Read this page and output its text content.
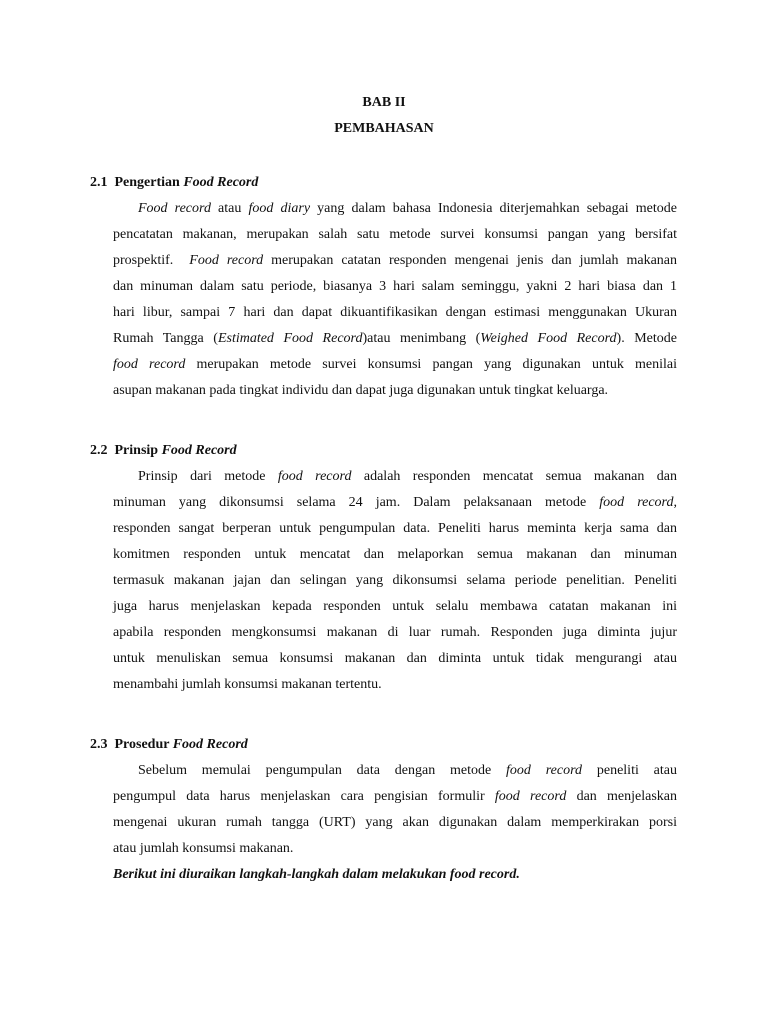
BAB II
PEMBAHASAN
2.1 Pengertian Food Record
Food record atau food diary yang dalam bahasa Indonesia diterjemahkan sebagai metode
pencatatan makanan, merupakan salah satu metode survei konsumsi pangan yang bersifat
prospektif.  Food record merupakan catatan responden mengenai jenis dan jumlah makanan
dan minuman dalam satu periode, biasanya 3 hari salam seminggu, yakni 2 hari biasa dan 1
hari libur, sampai 7 hari dan dapat dikuantifikasikan dengan estimasi menggunakan Ukuran
Rumah Tangga (Estimated Food Record)atau menimbang (Weighed Food Record). Metode
food record merupakan metode survei konsumsi pangan yang digunakan untuk menilai
asupan makanan pada tingkat individu dan dapat juga digunakan untuk tingkat keluarga.
2.2 Prinsip Food Record
Prinsip dari metode food record adalah responden mencatat semua makanan dan
minuman yang dikonsumsi selama 24 jam. Dalam pelaksanaan metode food record,
responden sangat berperan untuk pengumpulan data. Peneliti harus meminta kerja sama dan
komitmen responden untuk mencatat dan melaporkan semua makanan dan minuman
termasuk makanan jajan dan selingan yang dikonsumsi selama periode penelitian. Peneliti
juga harus menjelaskan kepada responden untuk selalu membawa catatan makanan ini
apabila responden mengkonsumsi makanan di luar rumah. Responden juga diminta jujur
untuk menuliskan semua konsumsi makanan dan diminta untuk tidak mengurangi atau
menambahi jumlah konsumsi makanan tertentu.
2.3 Prosedur Food Record
Sebelum memulai pengumpulan data dengan metode food record peneliti atau
pengumpul data harus menjelaskan cara pengisian formulir food record dan menjelaskan
mengenai ukuran rumah tangga (URT) yang akan digunakan dalam memperkirakan porsi
atau jumlah konsumsi makanan.
Berikut ini diuraikan langkah-langkah dalam melakukan food record.
